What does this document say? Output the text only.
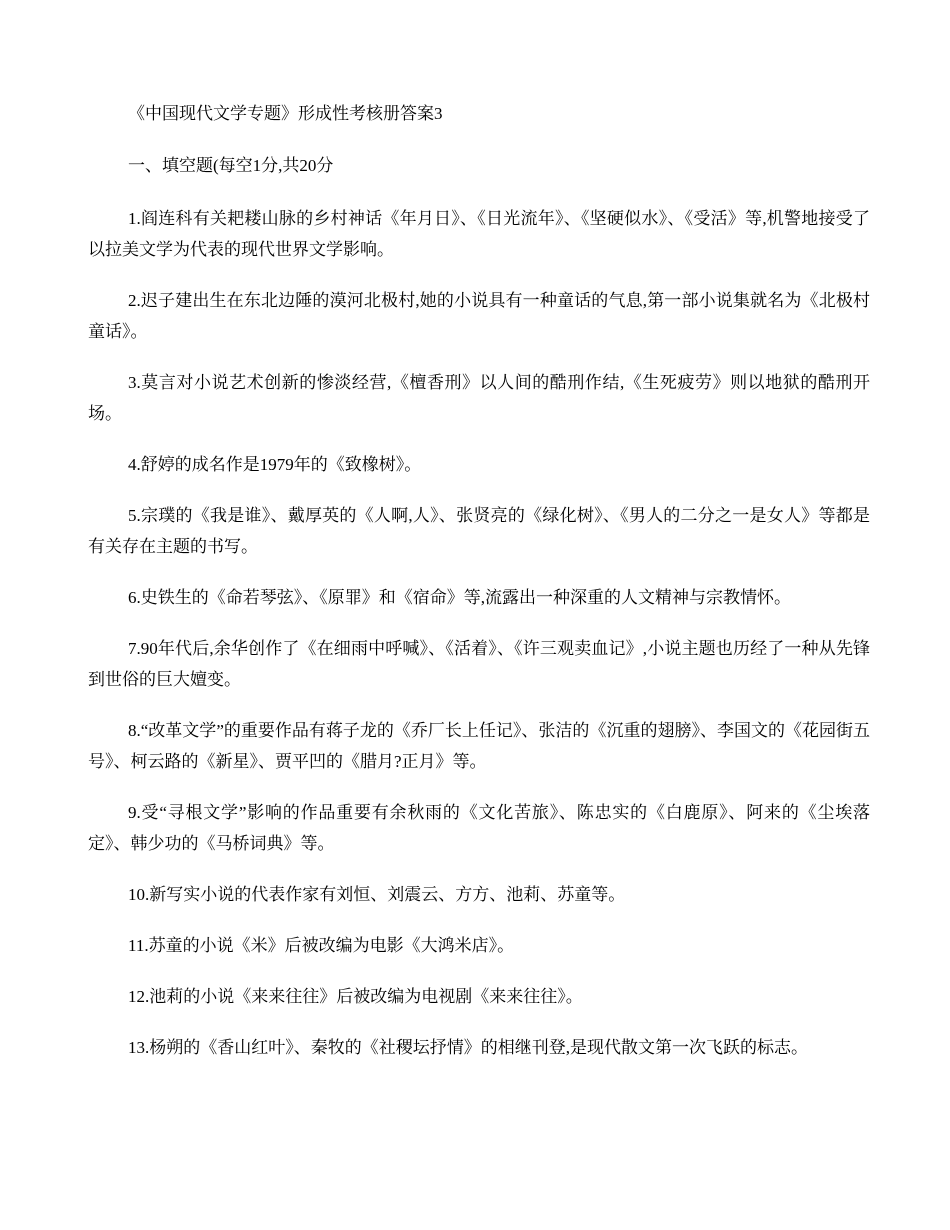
《中国现代文学专题》形成性考核册答案3
一、填空题(每空1分,共20分
1.阎连科有关耙耧山脉的乡村神话《年月日》、《日光流年》、《坚硬似水》、《受活》等,机警地接受了以拉美文学为代表的现代世界文学影响。
2.迟子建出生在东北边陲的漠河北极村,她的小说具有一种童话的气息,第一部小说集就名为《北极村童话》。
3.莫言对小说艺术创新的惨淡经营,《檀香刑》以人间的酷刑作结,《生死疲劳》则以地狱的酷刑开场。
4.舒婷的成名作是1979年的《致橡树》。
5.宗璞的《我是谁》、戴厚英的《人啊,人》、张贤亮的《绿化树》、《男人的二分之一是女人》等都是有关存在主题的书写。
6.史铁生的《命若琴弦》、《原罪》和《宿命》等,流露出一种深重的人文精神与宗教情怀。
7.90年代后,余华创作了《在细雨中呼喊》、《活着》、《许三观卖血记》,小说主题也历经了一种从先锋到世俗的巨大嬗变。
8.“改革文学”的重要作品有蒋子龙的《乔厂长上任记》、张洁的《沉重的翅膀》、李国文的《花园街五号》、柯云路的《新星》、贾平凹的《腊月?正月》等。
9.受“寻根文学”影响的作品重要有余秋雨的《文化苦旅》、陈忠实的《白鹿原》、阿来的《尘埃落定》、韩少功的《马桥词典》等。
10.新写实小说的代表作家有刘恒、刘震云、方方、池莉、苏童等。
11.苏童的小说《米》后被改编为电影《大鸿米店》。
12.池莉的小说《来来往往》后被改编为电视剧《来来往往》。
13.杨朔的《香山红叶》、秦牧的《社稷坛抒情》的相继刊登,是现代散文第一次飞跃的标志。
